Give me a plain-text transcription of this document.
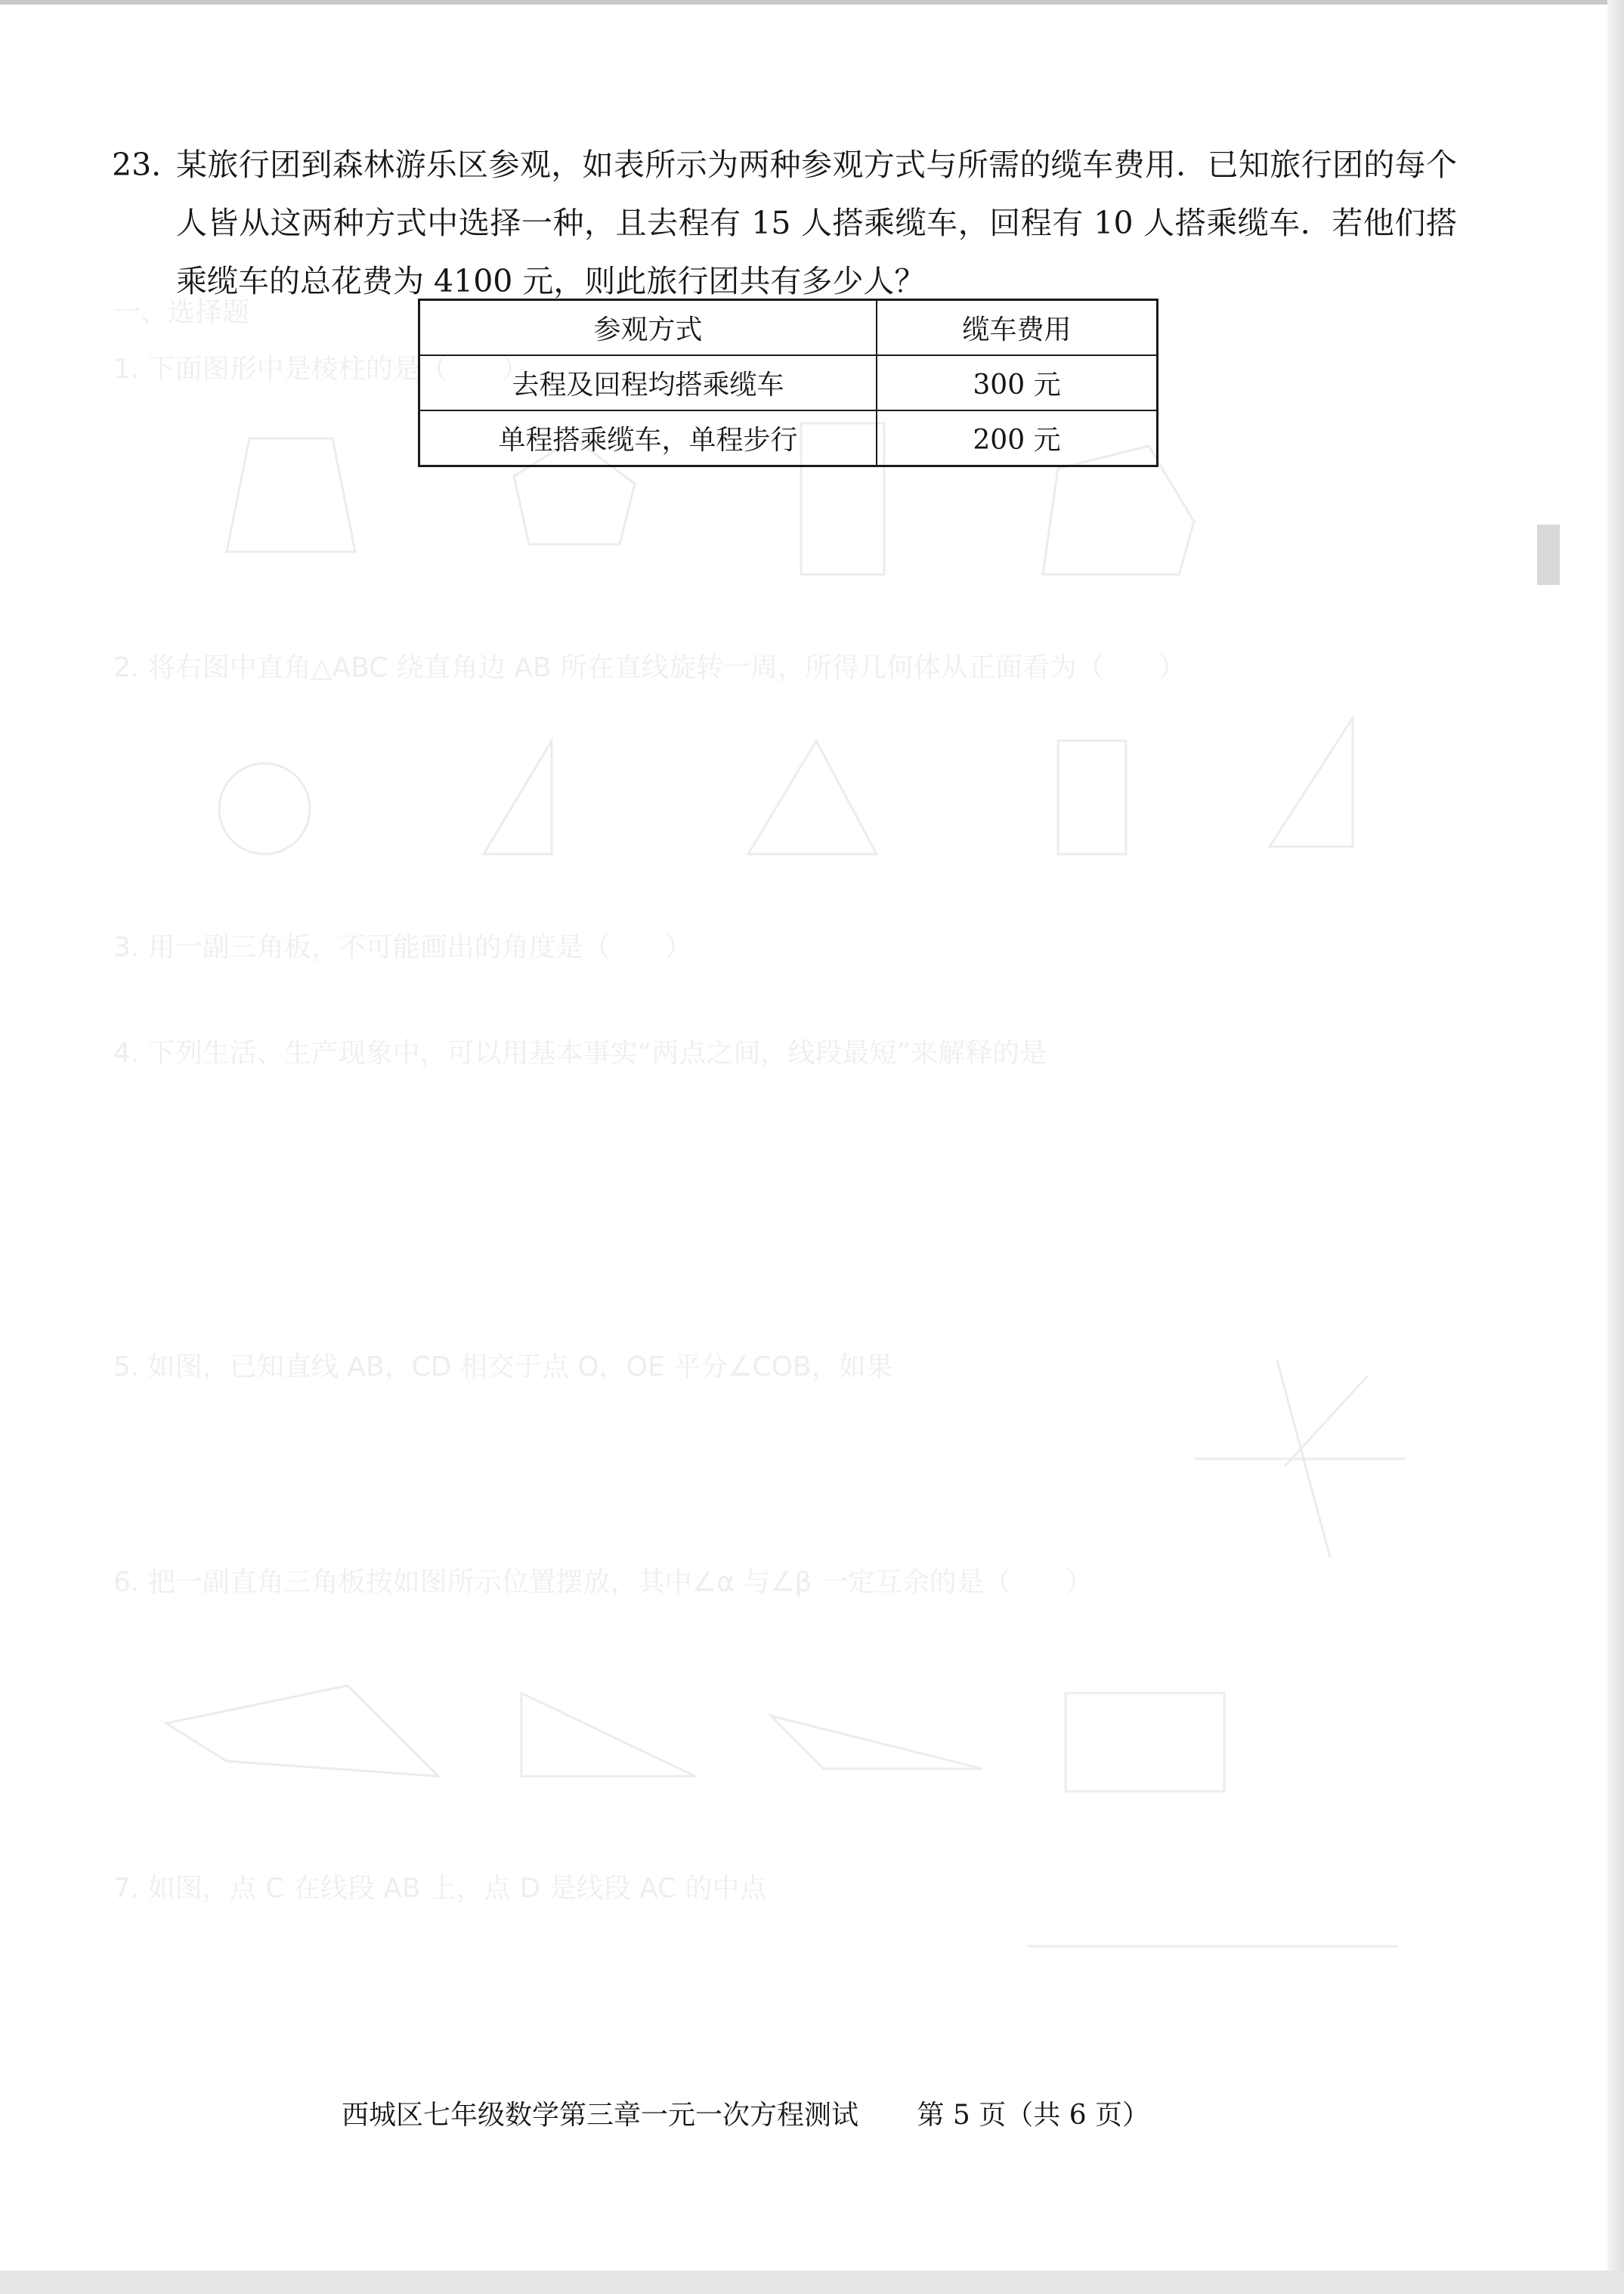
一、选择题
1. 下面图形中是棱柱的是（　　）
2. 将右图中直角△ABC 绕直角边 AB 所在直线旋转一周，所得几何体从正面看为（　　）
3. 用一副三角板，不可能画出的角度是（　　）
4. 下列生活、生产现象中，可以用基本事实“两点之间，线段最短”来解释的是
5. 如图，已知直线 AB，CD 相交于点 O，OE 平分∠COB，如果
6. 把一副直角三角板按如图所示位置摆放，其中∠α 与∠β 一定互余的是（　　）
7. 如图，点 C 在线段 AB 上，点 D 是线段 AC 的中点
23. 某旅行团到森林游乐区参观，如表所示为两种参观方式与所需的缆车费用．已知旅行团的每个人皆从这两种方式中选择一种，且去程有 15 人搭乘缆车，回程有 10 人搭乘缆车．若他们搭乘缆车的总花费为 4100 元，则此旅行团共有多少人？
参观方式	缆车费用
去程及回程均搭乘缆车	300 元
单程搭乘缆车，单程步行	200 元
西城区七年级数学第三章一元一次方程测试 第 5 页（共 6 页）
